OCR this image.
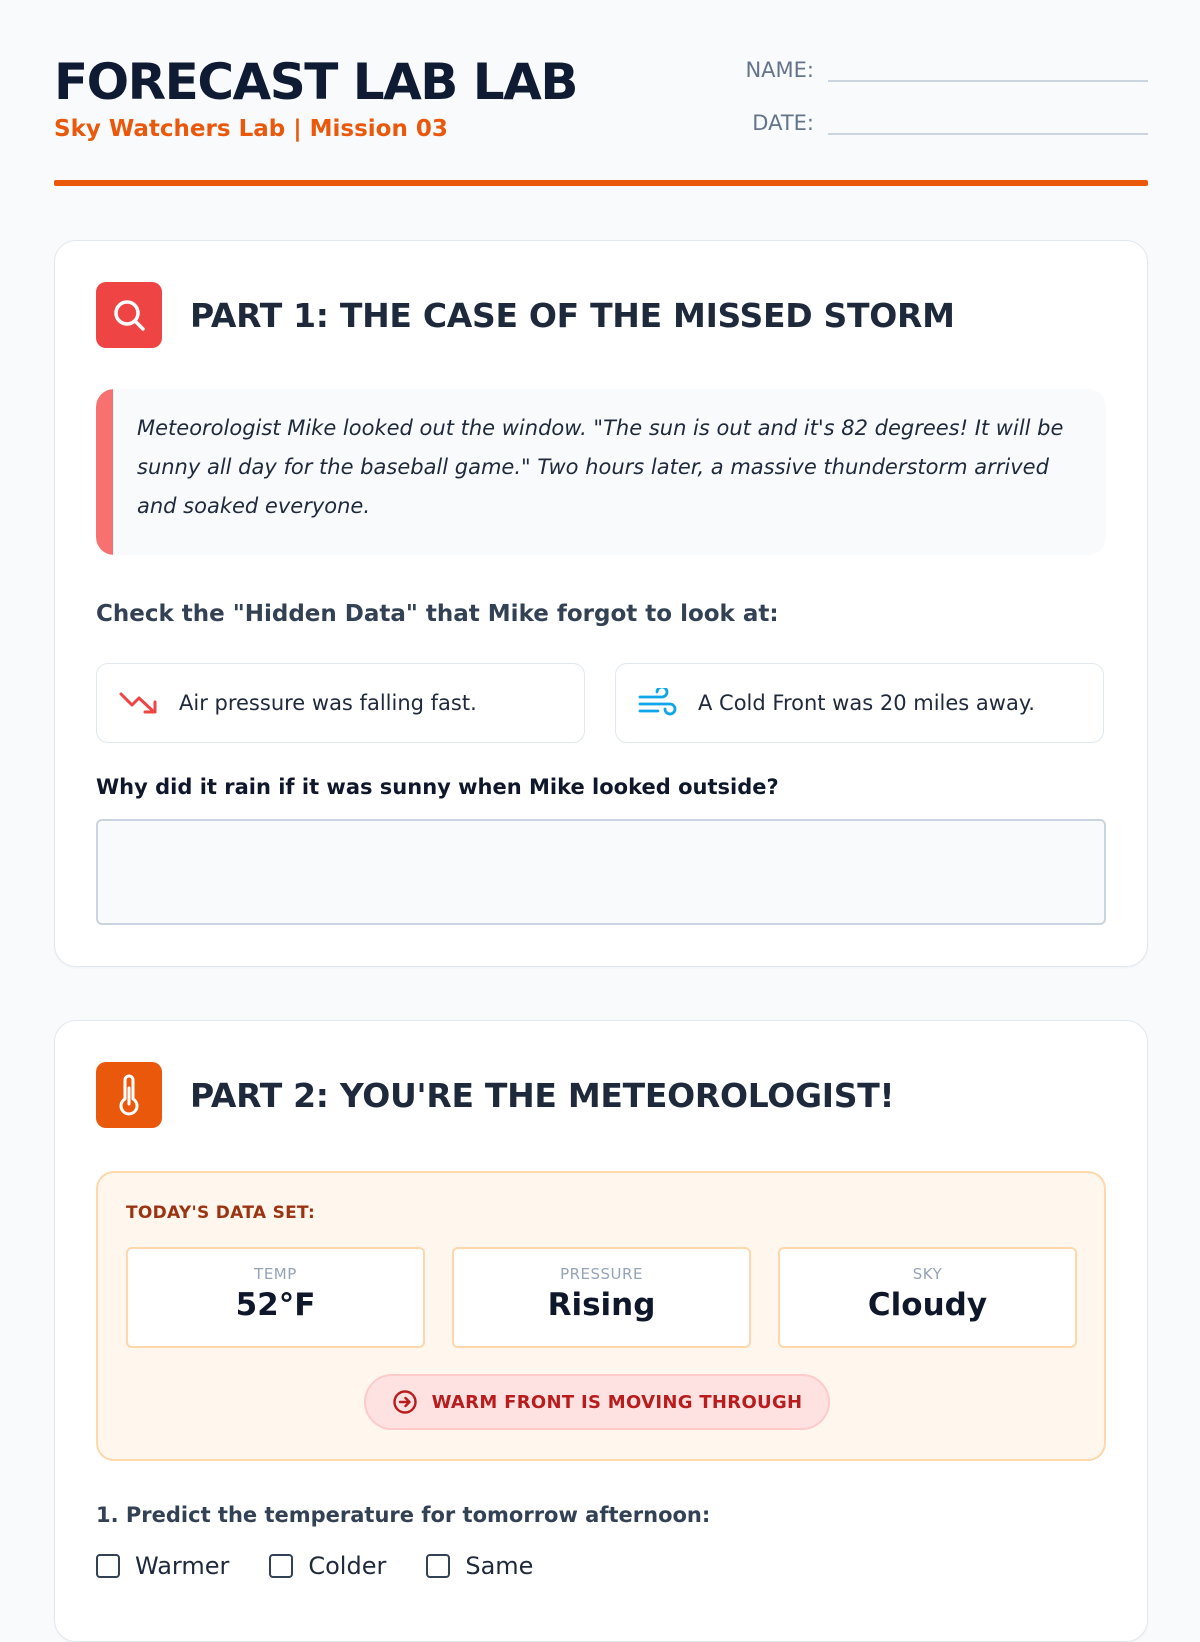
FORECAST LAB LAB

Sky Watchers Lab | Mission 03

NAME:
DATE:
PART 1: THE CASE OF THE MISSED STORM

Meteorologist Mike looked out the window. "The sun is out and it's 82 degrees! It will be sunny all day for the baseball game." Two hours later, a massive thunderstorm arrived and soaked everyone.

Check the "Hidden Data" that Mike forgot to look at:

Air pressure was falling fast.	A Cold Front was 20 miles away.

Why did it rain if it was sunny when Mike looked outside?

PART 2: YOU'RE THE METEOROLOGIST!

TODAY'S DATA SET:

TEMP
52°F
PRESSURE
Rising
SKY
Cloudy
WARM FRONT IS MOVING THROUGH

1. Predict the temperature for tomorrow afternoon:

Warmer	Colder	Same
